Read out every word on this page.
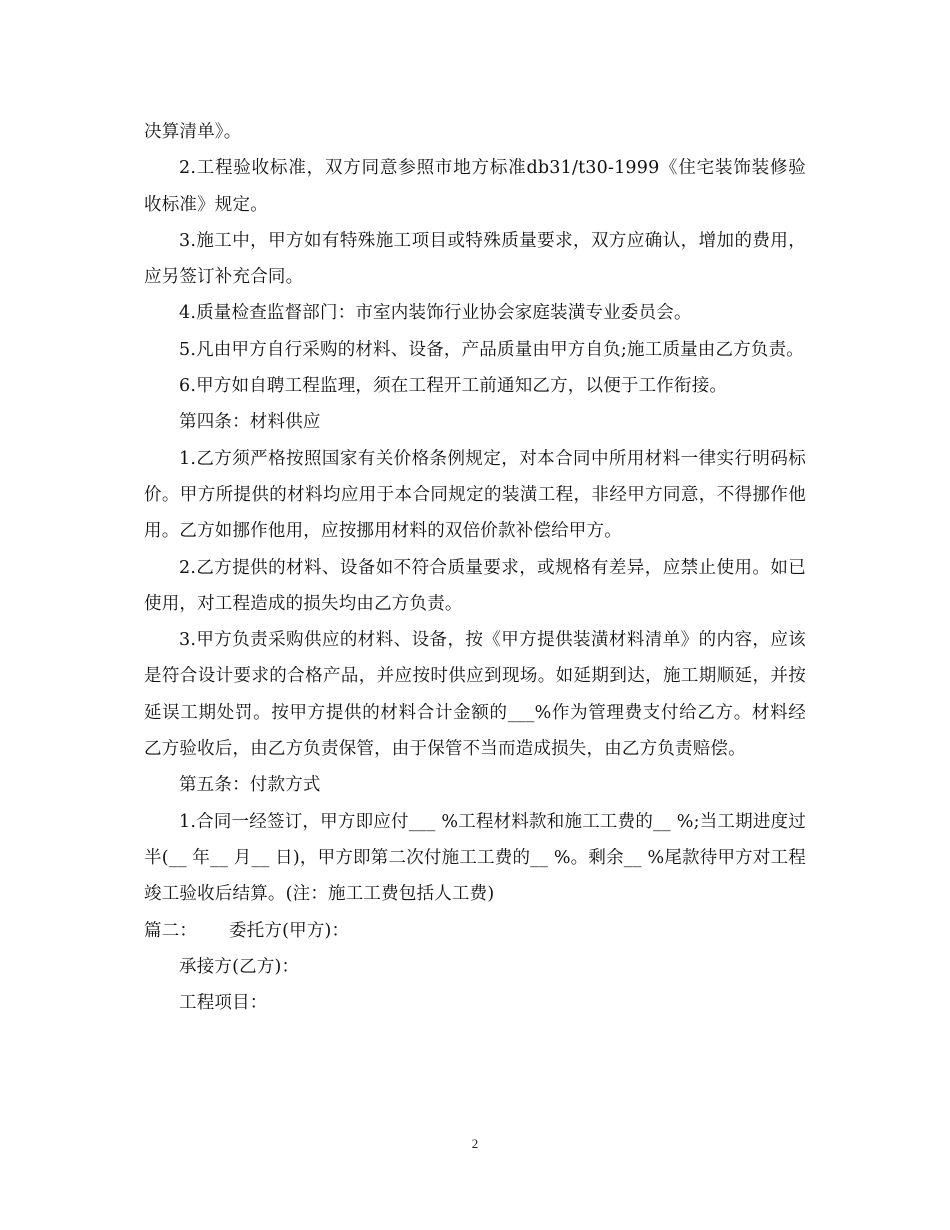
决算清单》。

2.工程验收标准，双方同意参照市地方标准db31/t30-1999《住宅装饰装修验收标准》规定。

3.施工中，甲方如有特殊施工项目或特殊质量要求，双方应确认，增加的费用，应另签订补充合同。

4.质量检查监督部门：市室内装饰行业协会家庭装潢专业委员会。

5.凡由甲方自行采购的材料、设备，产品质量由甲方自负;施工质量由乙方负责。

6.甲方如自聘工程监理，须在工程开工前通知乙方，以便于工作衔接。

第四条：材料供应

1.乙方须严格按照国家有关价格条例规定，对本合同中所用材料一律实行明码标价。甲方所提供的材料均应用于本合同规定的装潢工程，非经甲方同意，不得挪作他用。乙方如挪作他用，应按挪用材料的双倍价款补偿给甲方。

2.乙方提供的材料、设备如不符合质量要求，或规格有差异，应禁止使用。如已使用，对工程造成的损失均由乙方负责。

3.甲方负责采购供应的材料、设备，按《甲方提供装潢材料清单》的内容，应该是符合设计要求的合格产品，并应按时供应到现场。如延期到达，施工期顺延，并按延误工期处罚。按甲方提供的材料合计金额的___%作为管理费支付给乙方。材料经乙方验收后，由乙方负责保管，由于保管不当而造成损失，由乙方负责赔偿。

第五条：付款方式

1.合同一经签订，甲方即应付___ %工程材料款和施工工费的__ %;当工期进度过半(__ 年__ 月__ 日)，甲方即第二次付施工工费的__ %。剩余__ %尾款待甲方对工程竣工验收后结算。(注：施工工费包括人工费)

篇二：	委托方(甲方)：

承接方(乙方)：

工程项目：

2
